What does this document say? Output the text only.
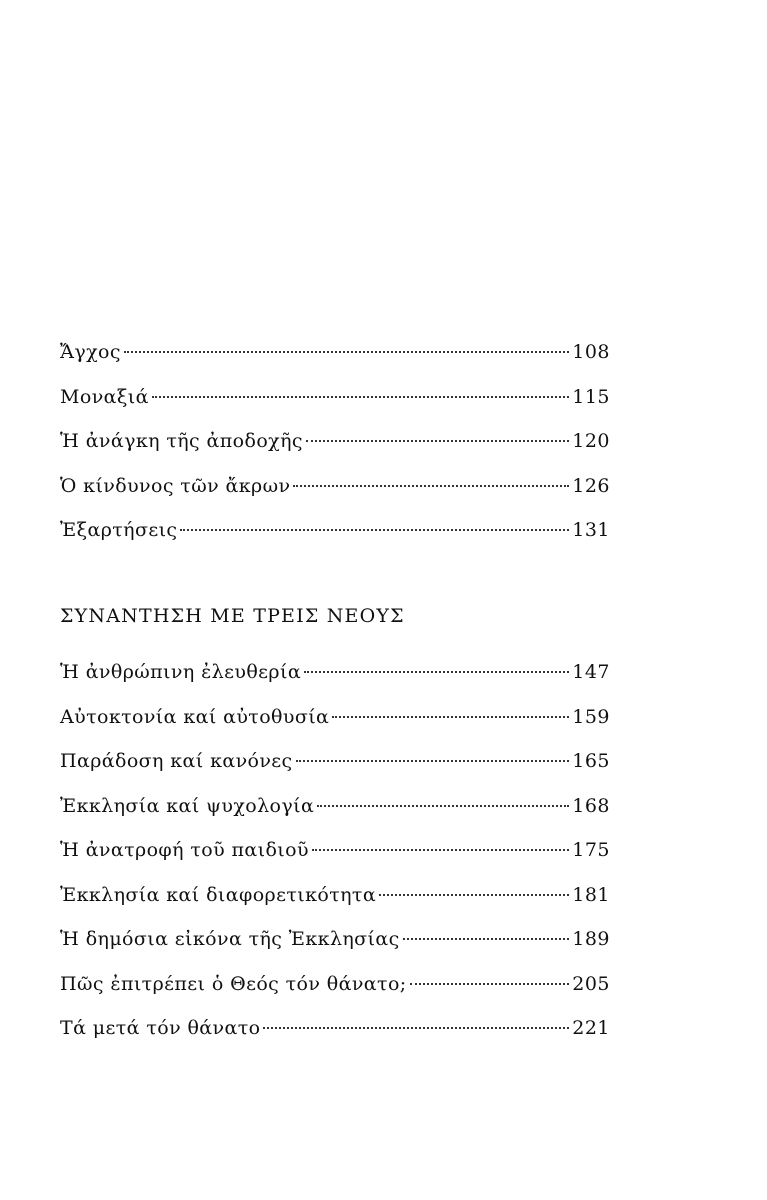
Ἄγχος	108
Μοναξιά	115
Ἡ ἀνάγκη τῆς ἀποδοχῆς	120
Ὁ κίνδυνος τῶν ἄκρων	126
Ἐξαρτήσεις	131
ΣΥΝΑΝΤΗΣΗ ΜΕ ΤΡΕΙΣ ΝΕΟΥΣ
Ἡ ἀνθρώπινη ἐλευθερία	147
Αὐτοκτονία καί αὐτοθυσία	159
Παράδοση καί κανόνες	165
Ἐκκλησία καί ψυχολογία	168
Ἡ ἀνατροφή τοῦ παιδιοῦ	175
Ἐκκλησία καί διαφορετικότητα	181
Ἡ δημόσια εἰκόνα τῆς Ἐκκλησίας	189
Πῶς ἐπιτρέπει ὁ Θεός τόν θάνατο;	205
Τά μετά τόν θάνατο	221
